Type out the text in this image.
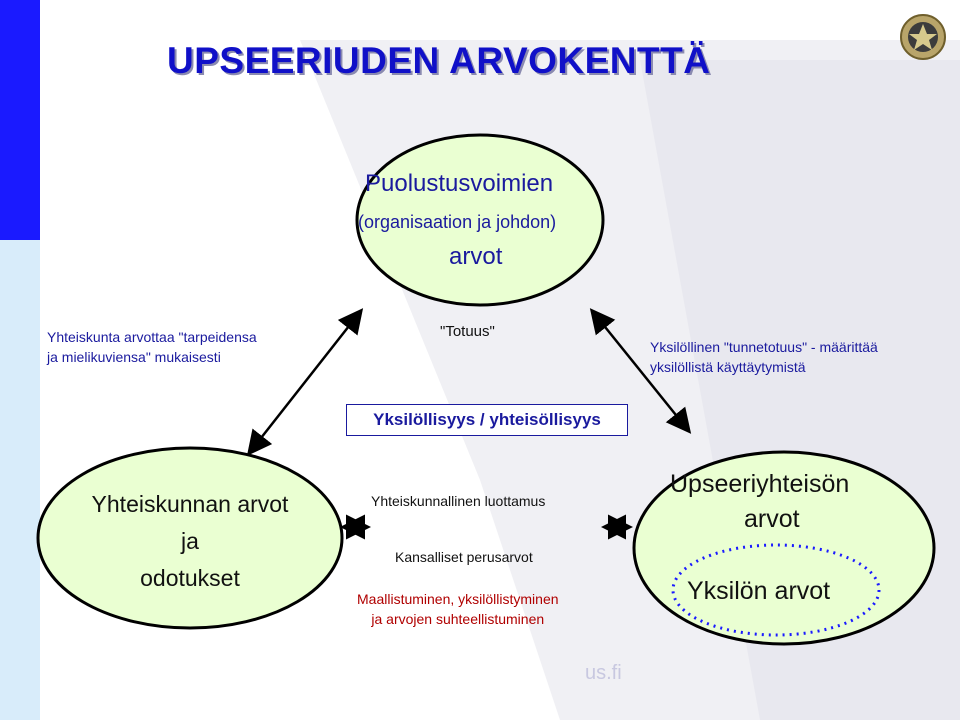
UPSEERIUDEN ARVOKENTTÄ
Puolustusvoimien
(organisaation ja johdon)
arvot
Yhteiskunta arvottaa "tarpeidensa
ja mielikuviensa" mukaisesti
"Totuus"
Yksilöllinen "tunnetotuus" - määrittää
yksilöllistä käyttäytymistä
Yksilöllisyys / yhteisöllisyys
Yhteiskunnan arvot
ja
odotukset
Yhteiskunnallinen luottamus
Kansalliset perusarvot
Maallistuminen, yksilöllistyminen
ja arvojen suhteellistuminen
Upseeriyhteisön
arvot
Yksilön arvot
us.fi
